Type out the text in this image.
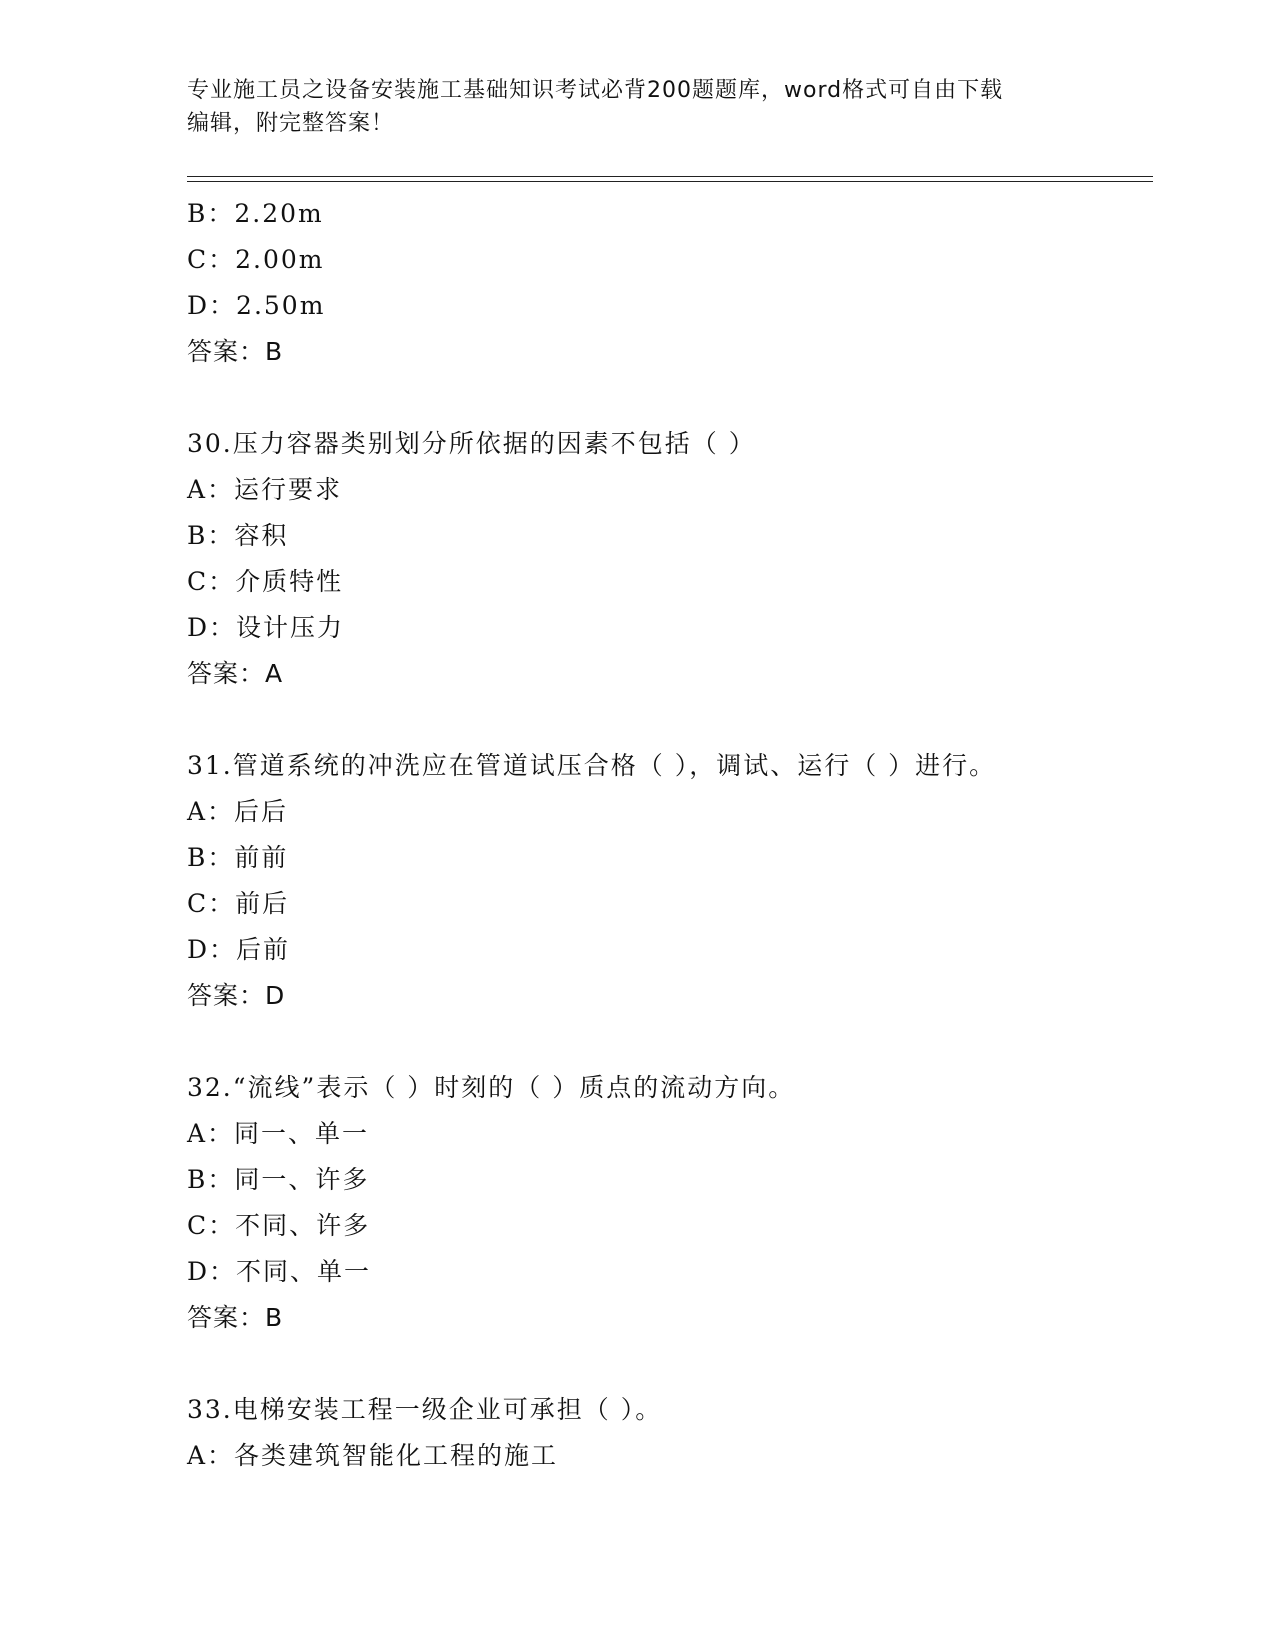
专业施工员之设备安装施工基础知识考试必背200题题库，word格式可自由下载
编辑，附完整答案！
B：2.20m
C：2.00m
D：2.50m
答案：B
30.压力容器类别划分所依据的因素不包括（ ）
A：运行要求
B：容积
C：介质特性
D：设计压力
答案：A
31.管道系统的冲洗应在管道试压合格（ ），调试、运行（ ）进行。
A：后后
B：前前
C：前后
D：后前
答案：D
32.“流线”表示（ ）时刻的（ ）质点的流动方向。
A：同一、单一
B：同一、许多
C：不同、许多
D：不同、单一
答案：B
33.电梯安装工程一级企业可承担（ ）。
A：各类建筑智能化工程的施工
